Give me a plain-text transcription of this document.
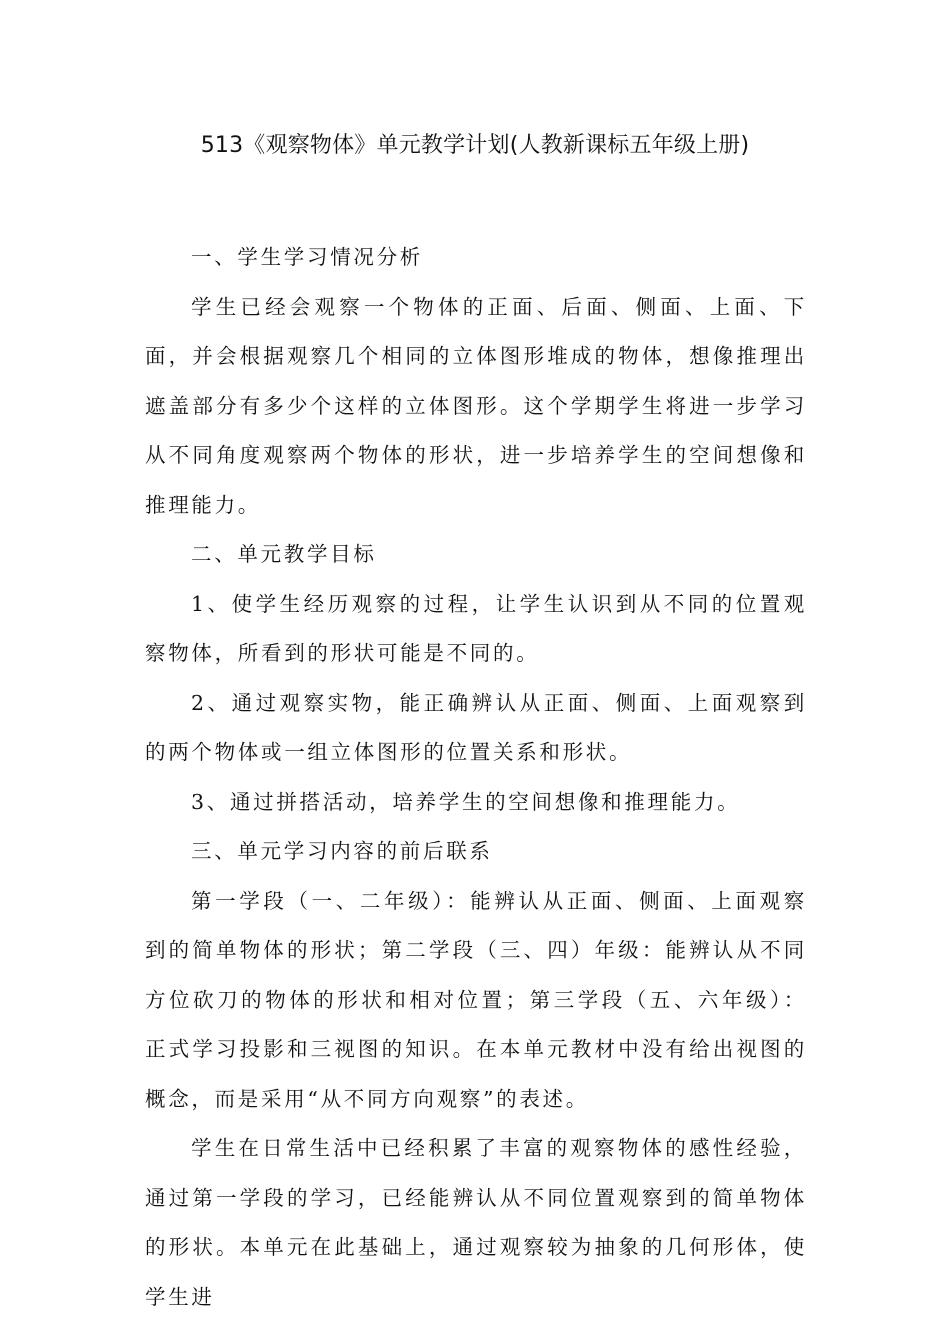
513《观察物体》单元教学计划(人教新课标五年级上册)

一、学生学习情况分析

学生已经会观察一个物体的正面、后面、侧面、上面、下面，并会根据观察几个相同的立体图形堆成的物体，想像推理出遮盖部分有多少个这样的立体图形。这个学期学生将进一步学习从不同角度观察两个物体的形状，进一步培养学生的空间想像和推理能力。

二、单元教学目标

1、使学生经历观察的过程，让学生认识到从不同的位置观察物体，所看到的形状可能是不同的。

2、通过观察实物，能正确辨认从正面、侧面、上面观察到的两个物体或一组立体图形的位置关系和形状。

3、通过拼搭活动，培养学生的空间想像和推理能力。

三、单元学习内容的前后联系

第一学段（一、二年级）：能辨认从正面、侧面、上面观察到的简单物体的形状；第二学段（三、四）年级：能辨认从不同方位砍刀的物体的形状和相对位置；第三学段（五、六年级）：正式学习投影和三视图的知识。在本单元教材中没有给出视图的概念，而是采用“从不同方向观察”的表述。

学生在日常生活中已经积累了丰富的观察物体的感性经验，通过第一学段的学习，已经能辨认从不同位置观察到的简单物体的形状。本单元在此基础上，通过观察较为抽象的几何形体，使学生进
